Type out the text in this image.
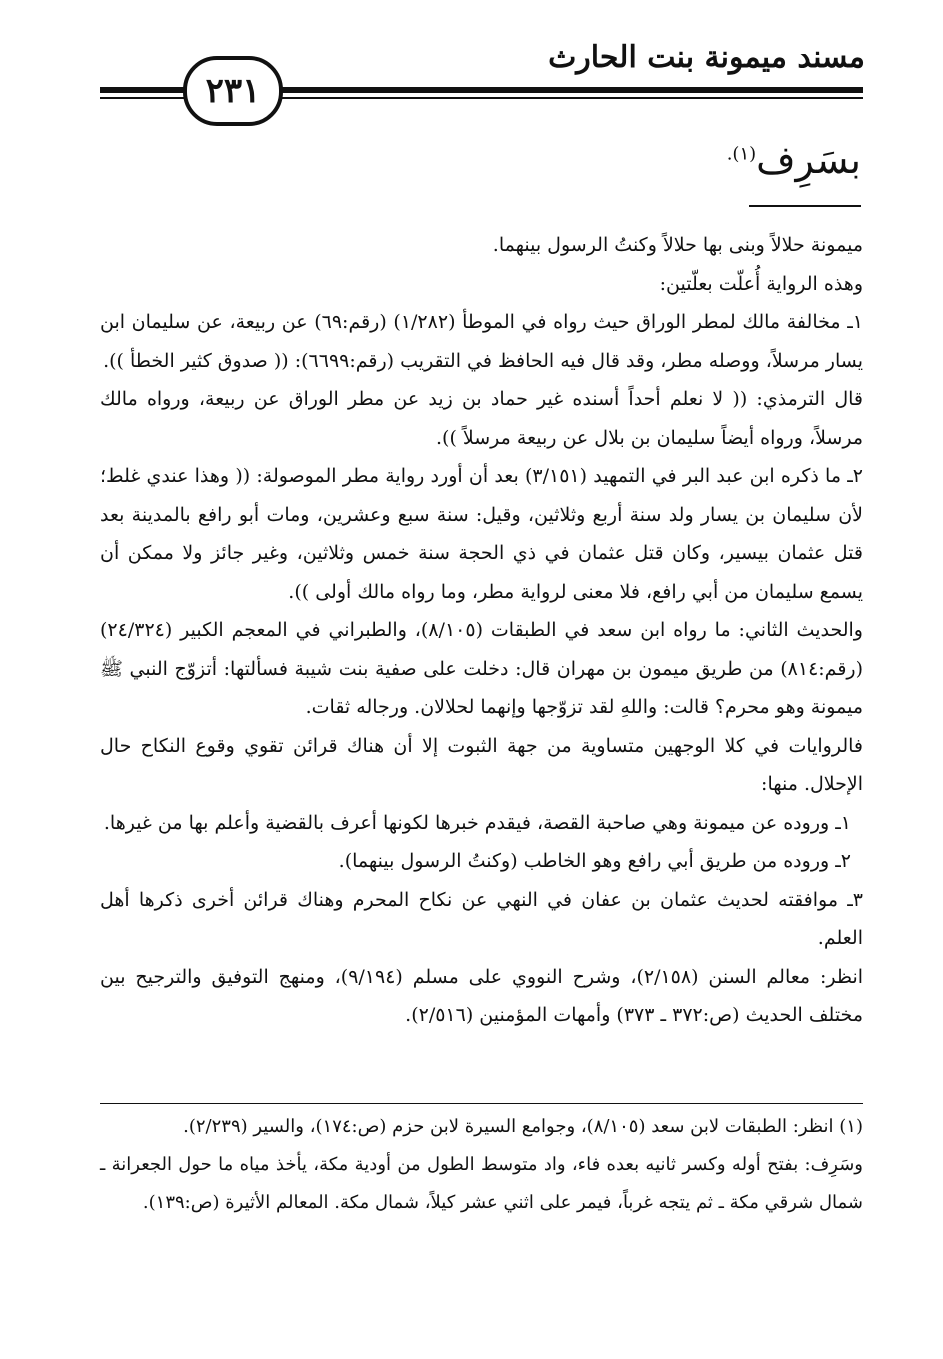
مسند ميمونة بنت الحارث
٢٣١
بسَرِف$^{(١).}$

ميمونة حلالاً وبنى بها حلالاً وكنتُ الرسول بينهما.

وهذه الرواية أُعلّت بعلّتين:

١ـ مخالفة مالك لمطر الوراق حيث رواه في الموطأ (١/٢٨٢) (رقم:٦٩) عن ربيعة، عن سليمان ابن يسار مرسلاً، ووصله مطر، وقد قال فيه الحافظ في التقريب (رقم:٦٦٩٩): (( صدوق كثير الخطأ )).

قال الترمذي: (( لا نعلم أحداً أسنده غير حماد بن زيد عن مطر الوراق عن ربيعة، ورواه مالك مرسلاً، ورواه أيضاً سليمان بن بلال عن ربيعة مرسلاً )).

٢ـ ما ذكره ابن عبد البر في التمهيد (٣/١٥١) بعد أن أورد رواية مطر الموصولة: (( وهذا عندي غلط؛ لأن سليمان بن يسار ولد سنة أربع وثلاثين، وقيل: سنة سبع وعشرين، ومات أبو رافع بالمدينة بعد قتل عثمان بيسير، وكان قتل عثمان في ذي الحجة سنة خمس وثلاثين، وغير جائز ولا ممكن أن يسمع سليمان من أبي رافع، فلا معنى لرواية مطر، وما رواه مالك أولى )).

والحديث الثاني: ما رواه ابن سعد في الطبقات (٨/١٠٥)، والطبراني في المعجم الكبير (٢٤/٣٢٤) (رقم:٨١٤) من طريق ميمون بن مهران قال: دخلت على صفية بنت شيبة فسألتها: أتزوّج النبي ﷺ ميمونة وهو محرم؟ قالت: واللهِ لقد تزوّجها وإنهما لحلالان. ورجاله ثقات.

فالروايات في كلا الوجهين متساوية من جهة الثبوت إلا أن هناك قرائن تقوي وقوع النكاح حال الإحلال. منها:

١ـ وروده عن ميمونة وهي صاحبة القصة، فيقدم خبرها لكونها أعرف بالقضية وأعلم بها من غيرها.

٢ـ وروده من طريق أبي رافع وهو الخاطب (وكنتُ الرسول بينهما).

٣ـ موافقته لحديث عثمان بن عفان في النهي عن نكاح المحرم وهناك قرائن أخرى ذكرها أهل العلم.

انظر: معالم السنن (٢/١٥٨)، وشرح النووي على مسلم (٩/١٩٤)، ومنهج التوفيق والترجيح بين مختلف الحديث (ص:٣٧٢ ـ ٣٧٣) وأمهات المؤمنين (٢/٥١٦).

(١) انظر: الطبقات لابن سعد (٨/١٠٥)، وجوامع السيرة لابن حزم (ص:١٧٤)، والسير (٢/٢٣٩).

وسَرِف: بفتح أوله وكسر ثانيه بعده فاء، واد متوسط الطول من أودية مكة، يأخذ مياه ما حول الجعرانة ـ شمال شرقي مكة ـ ثم يتجه غرباً، فيمر على اثني عشر كيلاً، شمال مكة. المعالم الأثيرة (ص:١٣٩).
